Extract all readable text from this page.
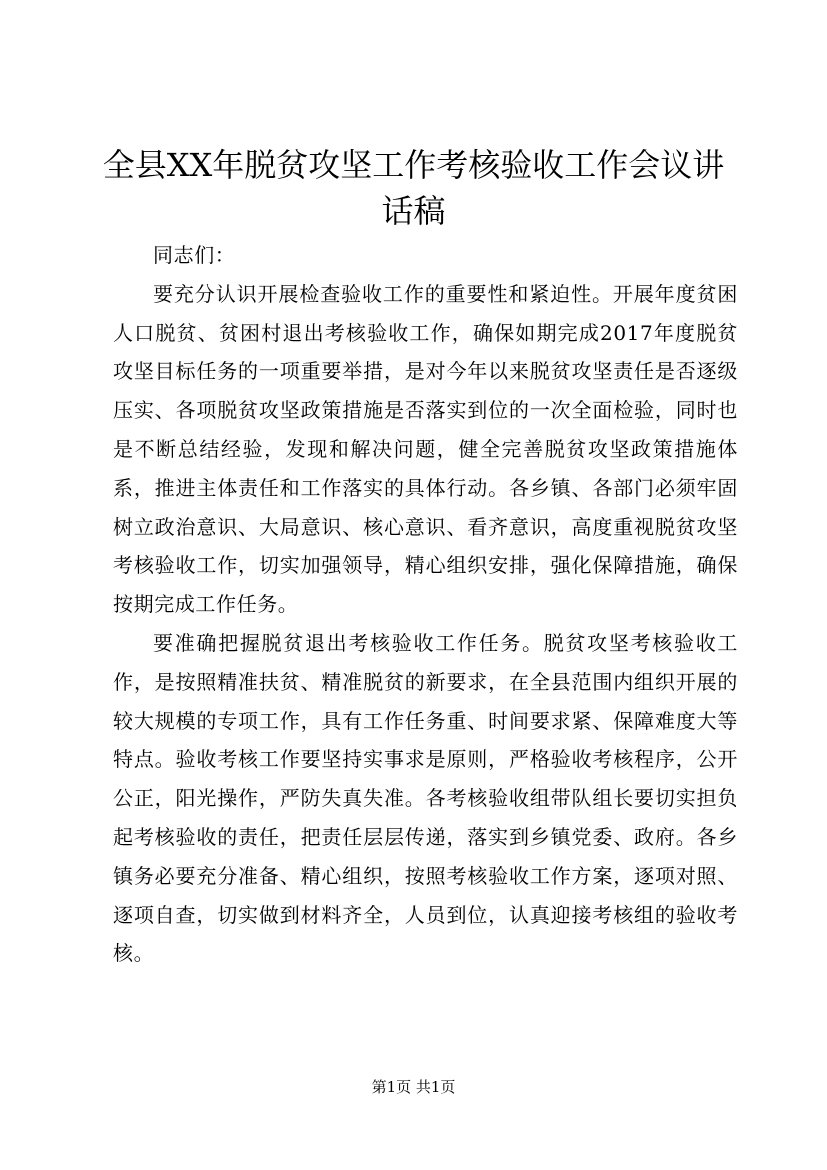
全县XX年脱贫攻坚工作考核验收工作会议讲话稿

同志们：

要充分认识开展检查验收工作的重要性和紧迫性。开展年度贫困人口脱贫、贫困村退出考核验收工作，确保如期完成2017年度脱贫攻坚目标任务的一项重要举措，是对今年以来脱贫攻坚责任是否逐级压实、各项脱贫攻坚政策措施是否落实到位的一次全面检验，同时也是不断总结经验，发现和解决问题，健全完善脱贫攻坚政策措施体系，推进主体责任和工作落实的具体行动。各乡镇、各部门必须牢固树立政治意识、大局意识、核心意识、看齐意识，高度重视脱贫攻坚考核验收工作，切实加强领导，精心组织安排，强化保障措施，确保按期完成工作任务。

要准确把握脱贫退出考核验收工作任务。脱贫攻坚考核验收工作，是按照精准扶贫、精准脱贫的新要求，在全县范围内组织开展的较大规模的专项工作，具有工作任务重、时间要求紧、保障难度大等特点。验收考核工作要坚持实事求是原则，严格验收考核程序，公开公正，阳光操作，严防失真失准。各考核验收组带队组长要切实担负起考核验收的责任，把责任层层传递，落实到乡镇党委、政府。各乡镇务必要充分准备、精心组织，按照考核验收工作方案，逐项对照、逐项自查，切实做到材料齐全，人员到位，认真迎接考核组的验收考核。

第1页 共1页
